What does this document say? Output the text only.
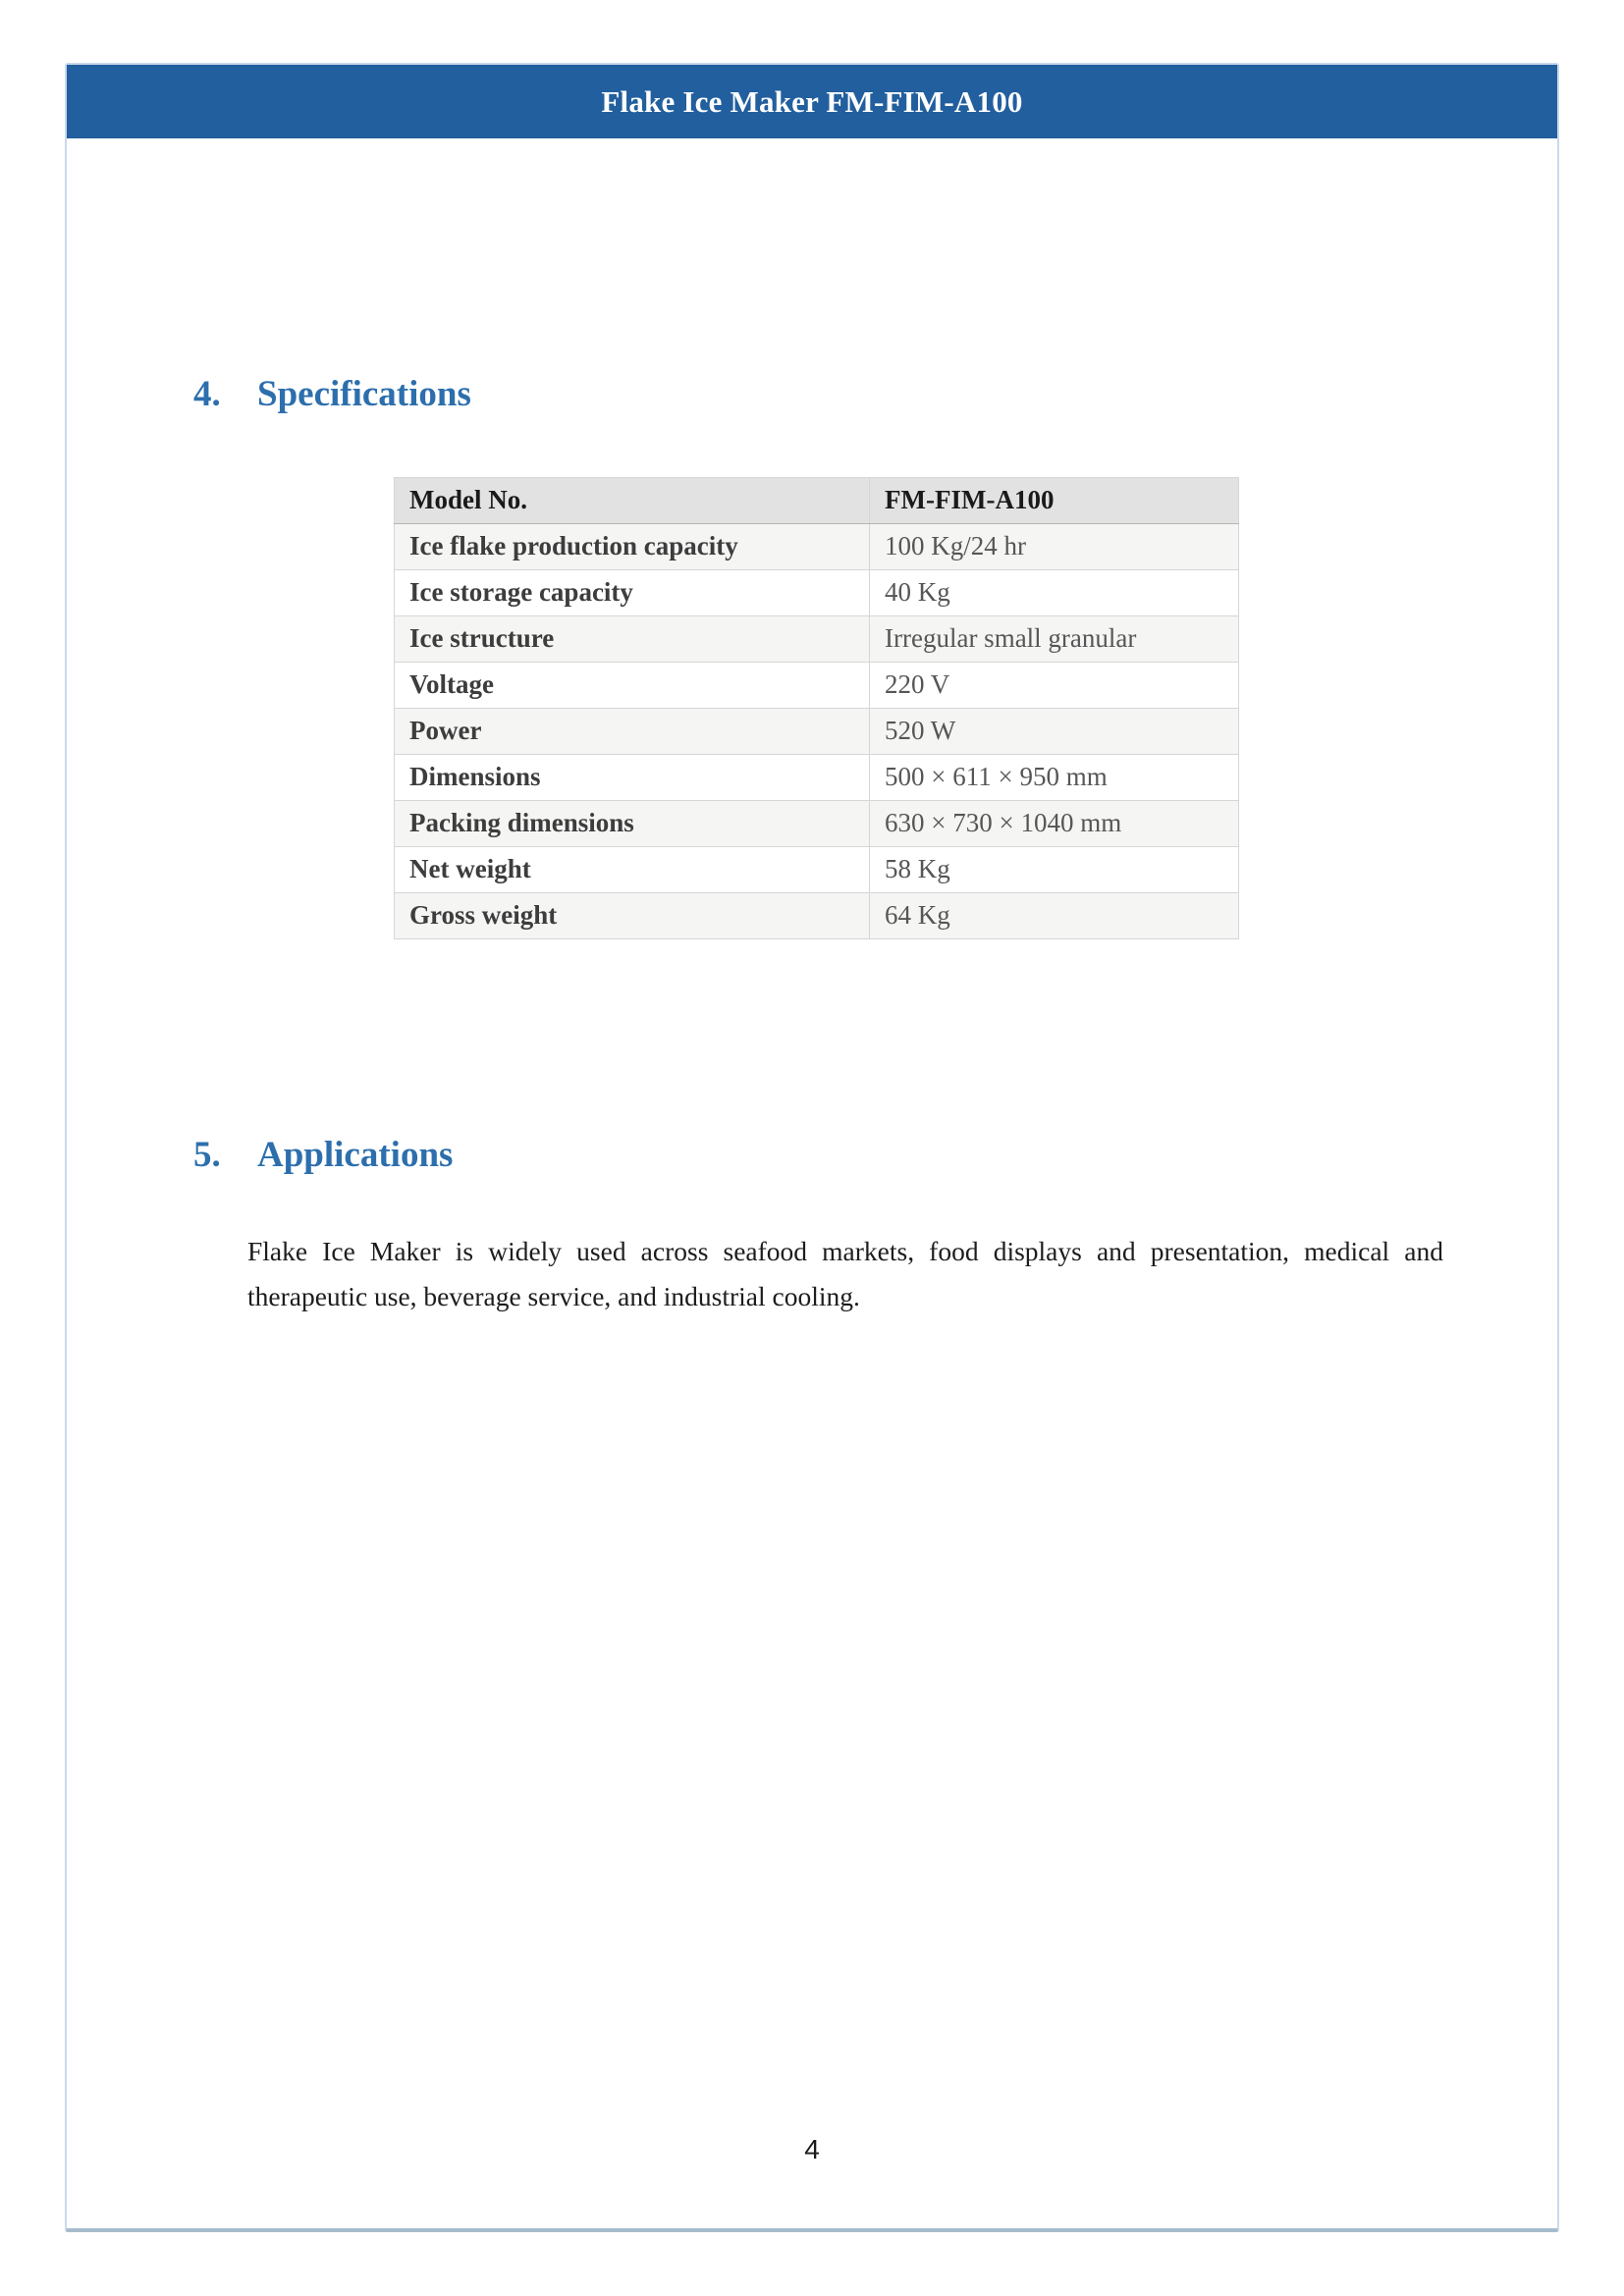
Flake Ice Maker FM-FIM-A100
4. Specifications
Model No.	FM-FIM-A100
Ice flake production capacity	100 Kg/24 hr
Ice storage capacity	40 Kg
Ice structure	Irregular small granular
Voltage	220 V
Power	520 W
Dimensions	500 × 611 × 950 mm
Packing dimensions	630 × 730 × 1040 mm
Net weight	58 Kg
Gross weight	64 Kg
5. Applications

Flake Ice Maker is widely used across seafood markets, food displays and presentation, medical and therapeutic use, beverage service, and industrial cooling.

4
